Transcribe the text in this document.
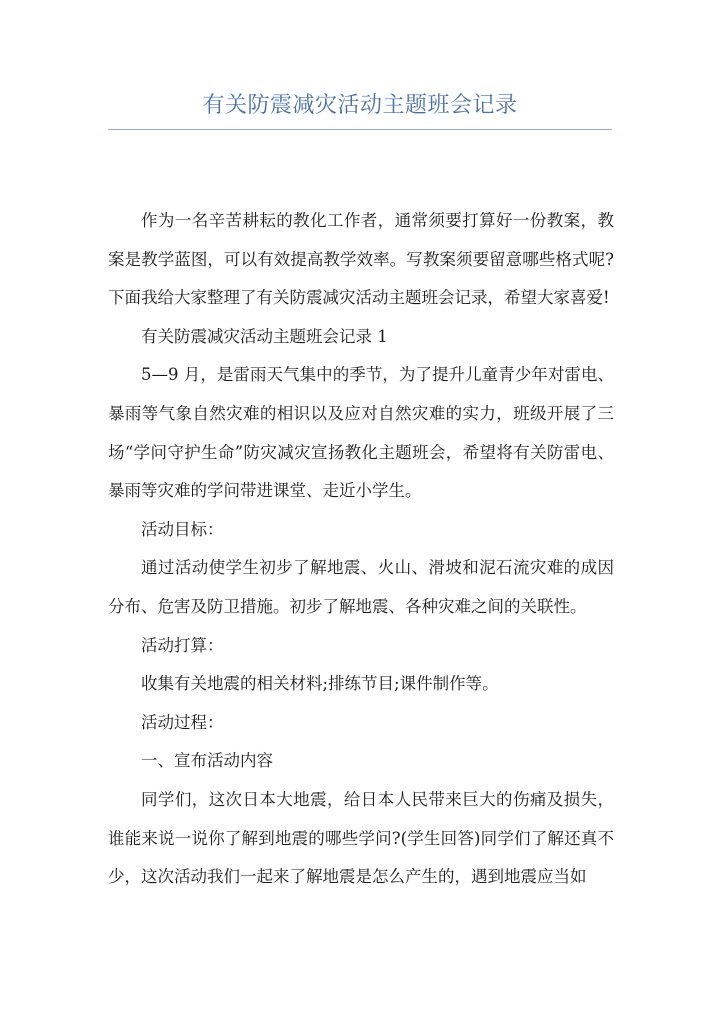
有关防震减灾活动主题班会记录

作为一名辛苦耕耘的教化工作者，通常须要打算好一份教案，教案是教学蓝图，可以有效提高教学效率。写教案须要留意哪些格式呢?下面我给大家整理了有关防震减灾活动主题班会记录，希望大家喜爱!

有关防震减灾活动主题班会记录 1

5—9 月，是雷雨天气集中的季节，为了提升儿童青少年对雷电、暴雨等气象自然灾难的相识以及应对自然灾难的实力，班级开展了三场“学问守护生命”防灾减灾宣扬教化主题班会，希望将有关防雷电、暴雨等灾难的学问带进课堂、走近小学生。

活动目标：

通过活动使学生初步了解地震、火山、滑坡和泥石流灾难的成因分布、危害及防卫措施。初步了解地震、各种灾难之间的关联性。

活动打算：

收集有关地震的相关材料;排练节目;课件制作等。

活动过程：

一、宣布活动内容

同学们，这次日本大地震，给日本人民带来巨大的伤痛及损失，谁能来说一说你了解到地震的哪些学问?(学生回答)同学们了解还真不少，这次活动我们一起来了解地震是怎么产生的，遇到地震应当如
